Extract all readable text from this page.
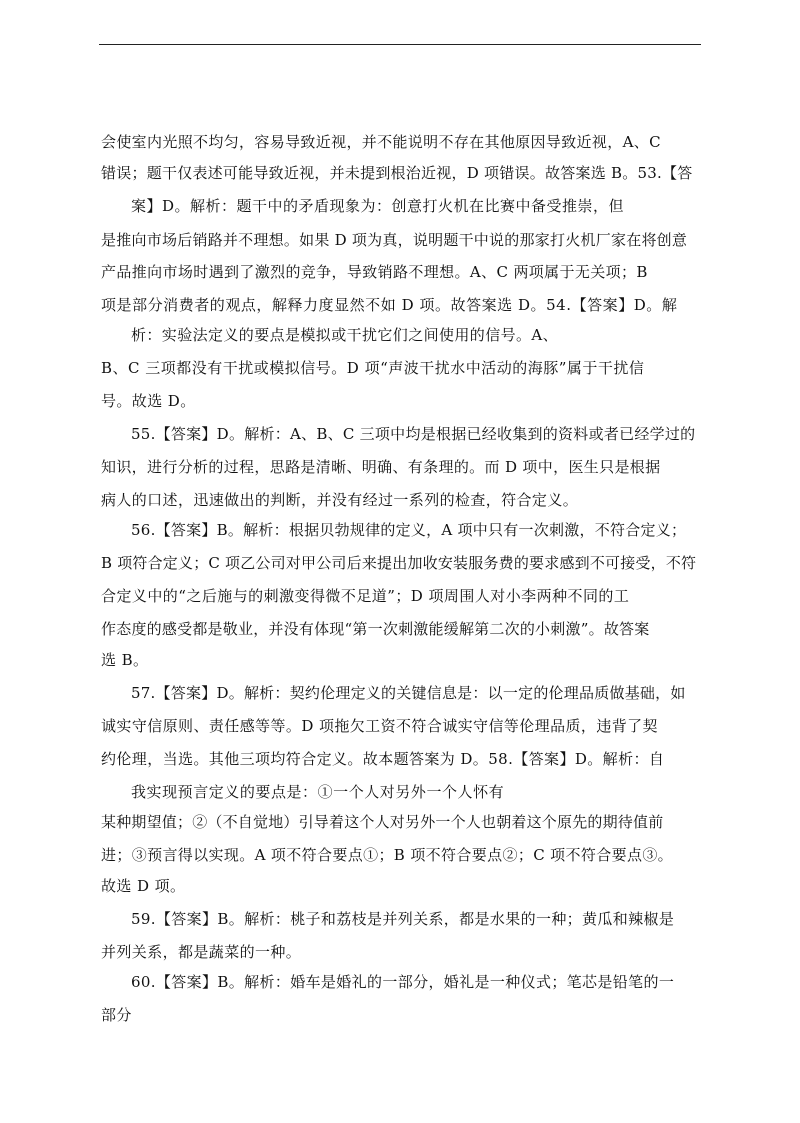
会使室内光照不均匀，容易导致近视，并不能说明不存在其他原因导致近视，A、C
错误；题干仅表述可能导致近视，并未提到根治近视，D 项错误。故答案选 B。53.【答
案】D。解析：题干中的矛盾现象为：创意打火机在比赛中备受推崇，但
是推向市场后销路并不理想。如果 D 项为真，说明题干中说的那家打火机厂家在将创意
产品推向市场时遇到了激烈的竞争，导致销路不理想。A、C 两项属于无关项；B
项是部分消费者的观点，解释力度显然不如 D 项。故答案选 D。54.【答案】D。解
析：实验法定义的要点是模拟或干扰它们之间使用的信号。A、
B、C 三项都没有干扰或模拟信号。D 项“声波干扰水中活动的海豚”属于干扰信
号。故选 D。
55.【答案】D。解析：A、B、C 三项中均是根据已经收集到的资料或者已经学过的
知识，进行分析的过程，思路是清晰、明确、有条理的。而 D 项中，医生只是根据
病人的口述，迅速做出的判断，并没有经过一系列的检查，符合定义。
56.【答案】B。解析：根据贝勃规律的定义，A 项中只有一次刺激，不符合定义；
B 项符合定义；C 项乙公司对甲公司后来提出加收安装服务费的要求感到不可接受，不符
合定义中的“之后施与的刺激变得微不足道”；D 项周围人对小李两种不同的工
作态度的感受都是敬业，并没有体现“第一次刺激能缓解第二次的小刺激”。故答案
选 B。
57.【答案】D。解析：契约伦理定义的关键信息是：以一定的伦理品质做基础，如
诚实守信原则、责任感等等。D 项拖欠工资不符合诚实守信等伦理品质，违背了契
约伦理，当选。其他三项均符合定义。故本题答案为 D。58.【答案】D。解析：自
我实现预言定义的要点是：①一个人对另外一个人怀有
某种期望值；②（不自觉地）引导着这个人对另外一个人也朝着这个原先的期待值前
进；③预言得以实现。A 项不符合要点①；B 项不符合要点②；C 项不符合要点③。
故选 D 项。
59.【答案】B。解析：桃子和荔枝是并列关系，都是水果的一种；黄瓜和辣椒是
并列关系，都是蔬菜的一种。
60.【答案】B。解析：婚车是婚礼的一部分，婚礼是一种仪式；笔芯是铅笔的一
部分
